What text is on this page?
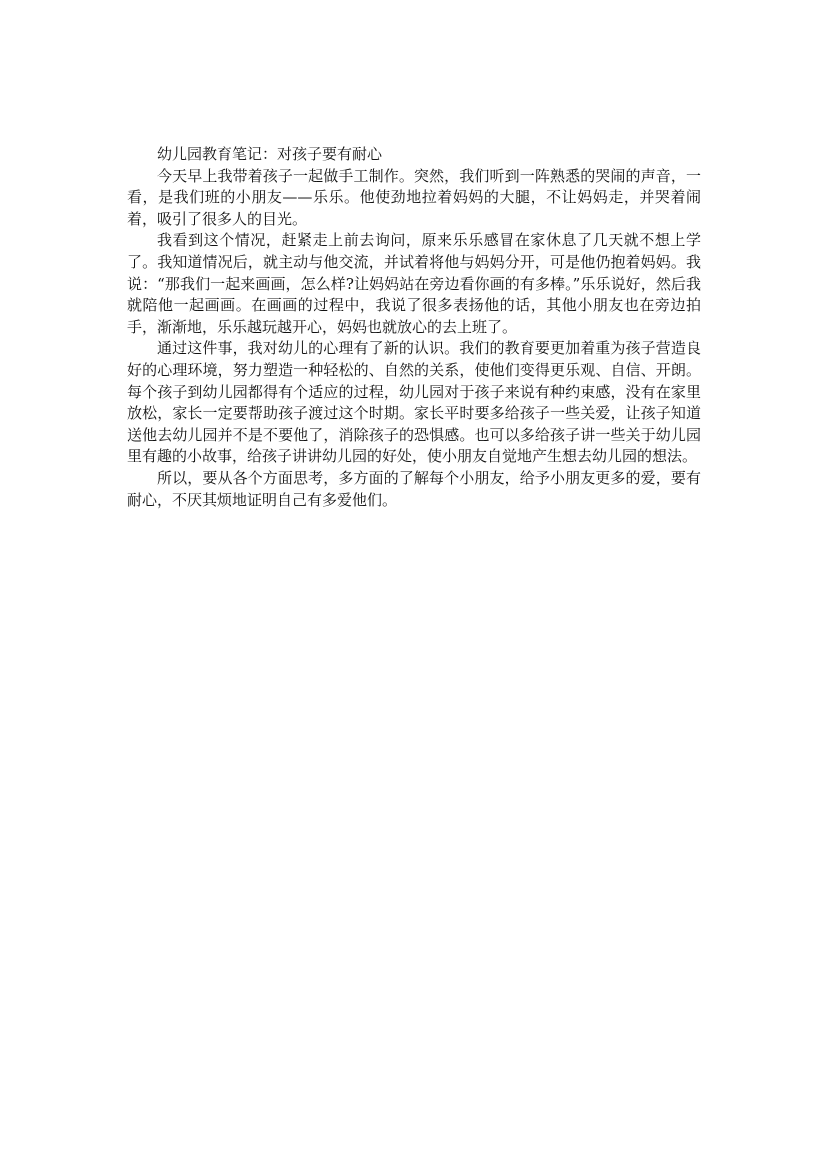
幼儿园教育笔记：对孩子要有耐心

今天早上我带着孩子一起做手工制作。突然，我们听到一阵熟悉的哭闹的声音，一看，是我们班的小朋友——乐乐。他使劲地拉着妈妈的大腿，不让妈妈走，并哭着闹着，吸引了很多人的目光。

我看到这个情况，赶紧走上前去询问，原来乐乐感冒在家休息了几天就不想上学了。我知道情况后，就主动与他交流，并试着将他与妈妈分开，可是他仍抱着妈妈。我说：“那我们一起来画画，怎么样?让妈妈站在旁边看你画的有多棒。”乐乐说好，然后我就陪他一起画画。在画画的过程中，我说了很多表扬他的话，其他小朋友也在旁边拍手，渐渐地，乐乐越玩越开心，妈妈也就放心的去上班了。

通过这件事，我对幼儿的心理有了新的认识。我们的教育要更加着重为孩子营造良好的心理环境，努力塑造一种轻松的、自然的关系，使他们变得更乐观、自信、开朗。每个孩子到幼儿园都得有个适应的过程，幼儿园对于孩子来说有种约束感，没有在家里放松，家长一定要帮助孩子渡过这个时期。家长平时要多给孩子一些关爱，让孩子知道送他去幼儿园并不是不要他了，消除孩子的恐惧感。也可以多给孩子讲一些关于幼儿园里有趣的小故事，给孩子讲讲幼儿园的好处，使小朋友自觉地产生想去幼儿园的想法。

所以，要从各个方面思考，多方面的了解每个小朋友，给予小朋友更多的爱，要有耐心，不厌其烦地证明自己有多爱他们。
